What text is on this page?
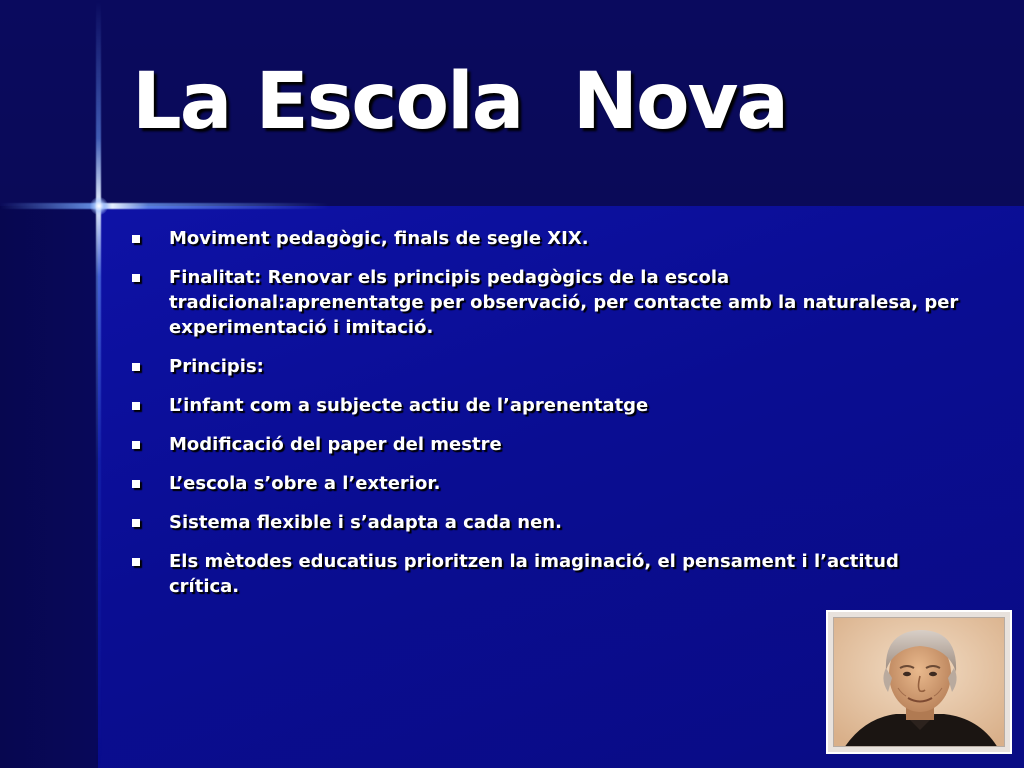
La Escola  Nova
Moviment pedagògic, finals de segle XIX.
Finalitat: Renovar els principis pedagògics de la escola tradicional:aprenentatge per observació, per contacte amb la naturalesa, per experimentació i imitació.
Principis:
L’infant com a subjecte actiu de l’aprenentatge
Modificació del paper del mestre
L’escola s’obre a l’exterior.
Sistema flexible i s’adapta a cada nen.
Els mètodes educatius prioritzen la imaginació, el pensament i l’actitud crítica.
